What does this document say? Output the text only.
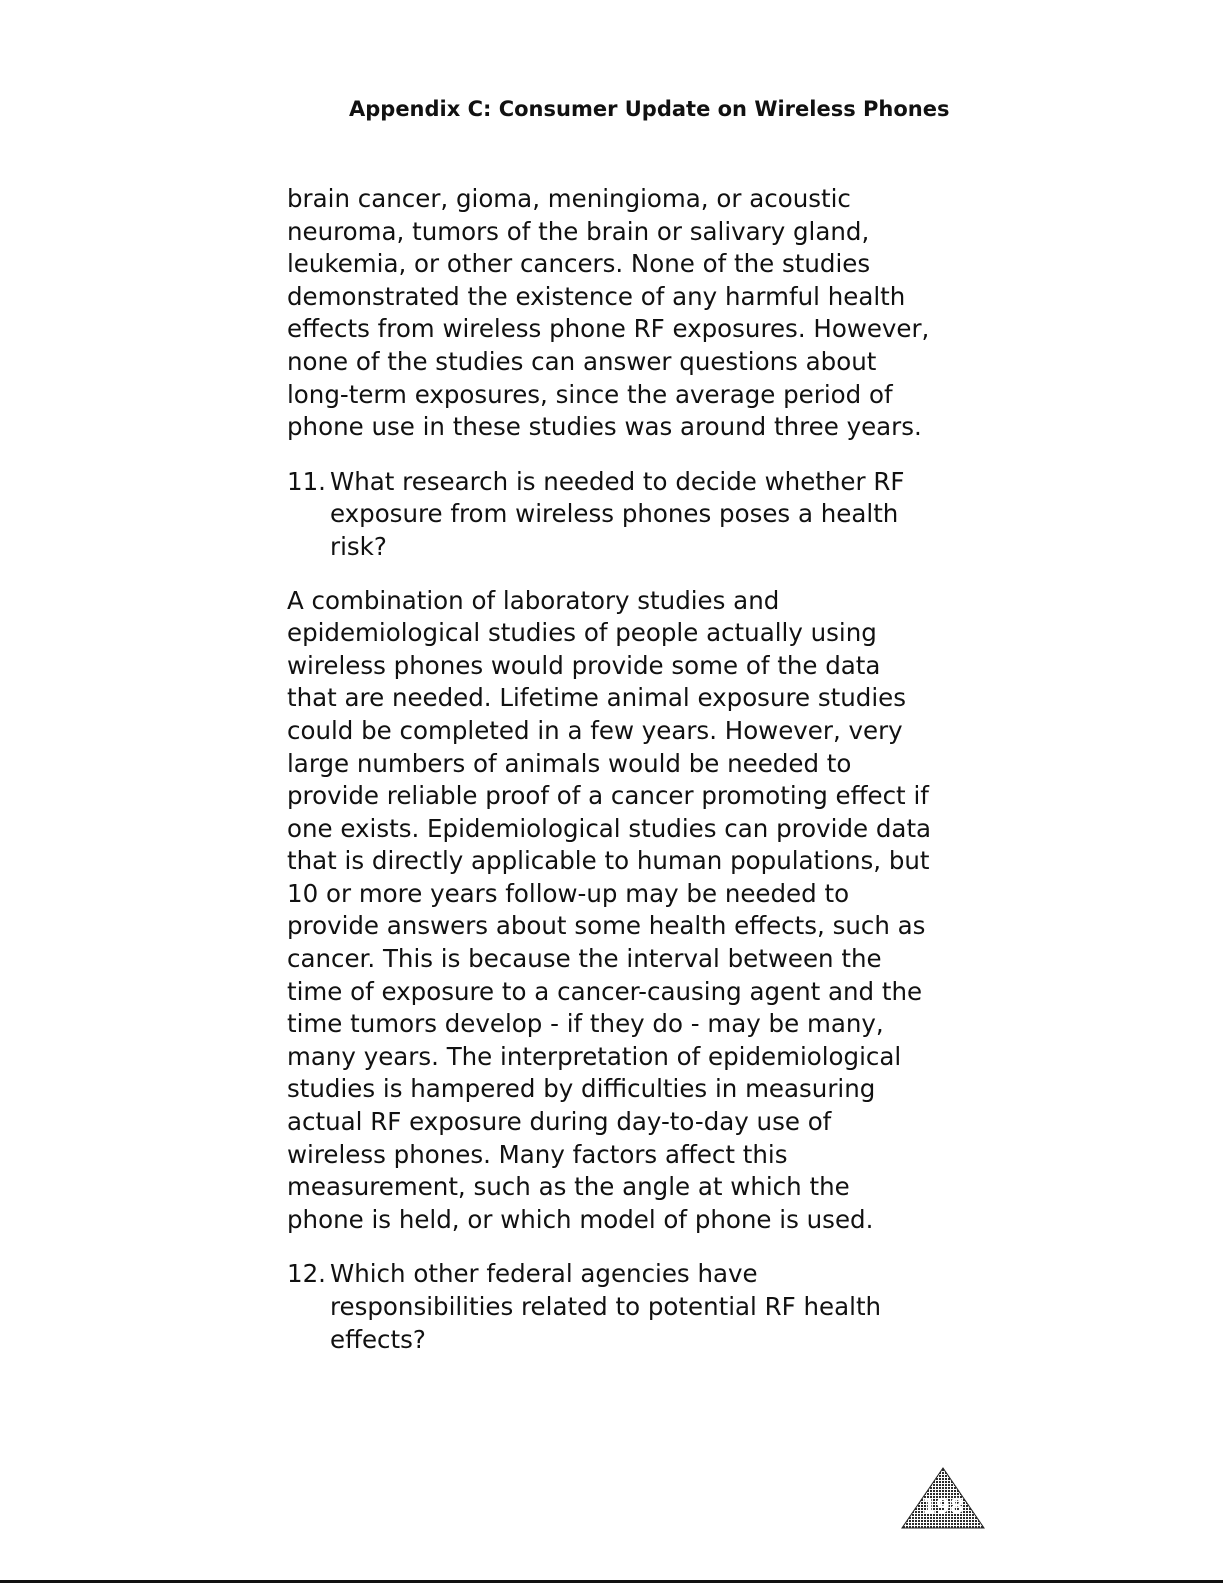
Appendix C: Consumer Update on Wireless Phones

brain cancer, gioma, meningioma, or acoustic
neuroma, tumors of the brain or salivary gland,
leukemia, or other cancers. None of the studies
demonstrated the existence of any harmful health
effects from wireless phone RF exposures. However,
none of the studies can answer questions about
long-term exposures, since the average period of
phone use in these studies was around three years.

11. What research is needed to decide whether RF
exposure from wireless phones poses a health
risk?

A combination of laboratory studies and
epidemiological studies of people actually using
wireless phones would provide some of the data
that are needed. Lifetime animal exposure studies
could be completed in a few years. However, very
large numbers of animals would be needed to
provide reliable proof of a cancer promoting effect if
one exists. Epidemiological studies can provide data
that is directly applicable to human populations, but
10 or more years follow-up may be needed to
provide answers about some health effects, such as
cancer. This is because the interval between the
time of exposure to a cancer-causing agent and the
time tumors develop - if they do - may be many,
many years. The interpretation of epidemiological
studies is hampered by difficulties in measuring
actual RF exposure during day-to-day use of
wireless phones. Many factors affect this
measurement, such as the angle at which the
phone is held, or which model of phone is used.

12. Which other federal agencies have
responsibilities related to potential RF health
effects?
198
